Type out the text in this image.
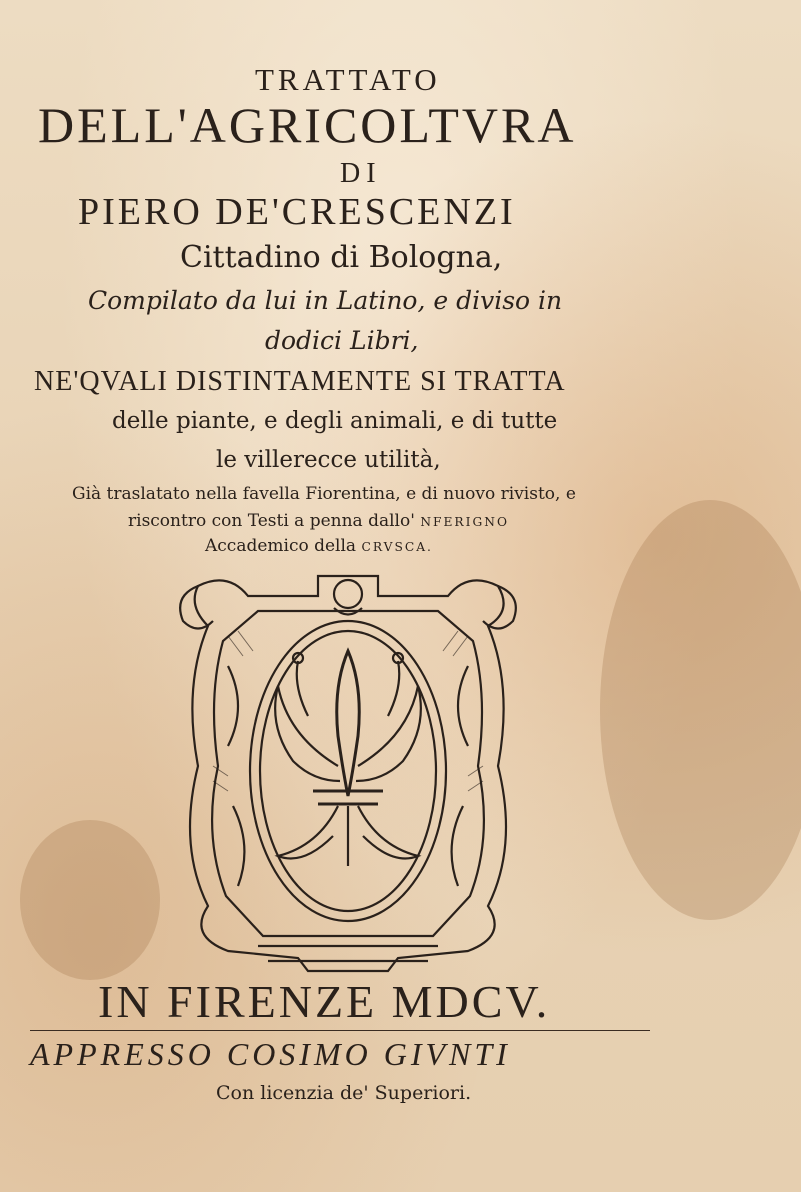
TRATTATO
DELL'AGRICOLTVRA
DI
PIERO DE'CRESCENZI
Cittadino di Bologna,
Compilato da lui in Latino, e diviso in
dodici Libri,
NE'QVALI DISTINTAMENTE SI TRATTA
delle piante, e degli animali, e di tutte
le villerecce utilità,
Già traslatato nella favella Fiorentina, e di nuovo rivisto, e
riscontro con Testi a penna dallo' NFERIGNO
Accademico della CRVSCA.
IN FIRENZE MDCV.
APPRESSO COSIMO GIVNTI
Con licenzia de' Superiori.
